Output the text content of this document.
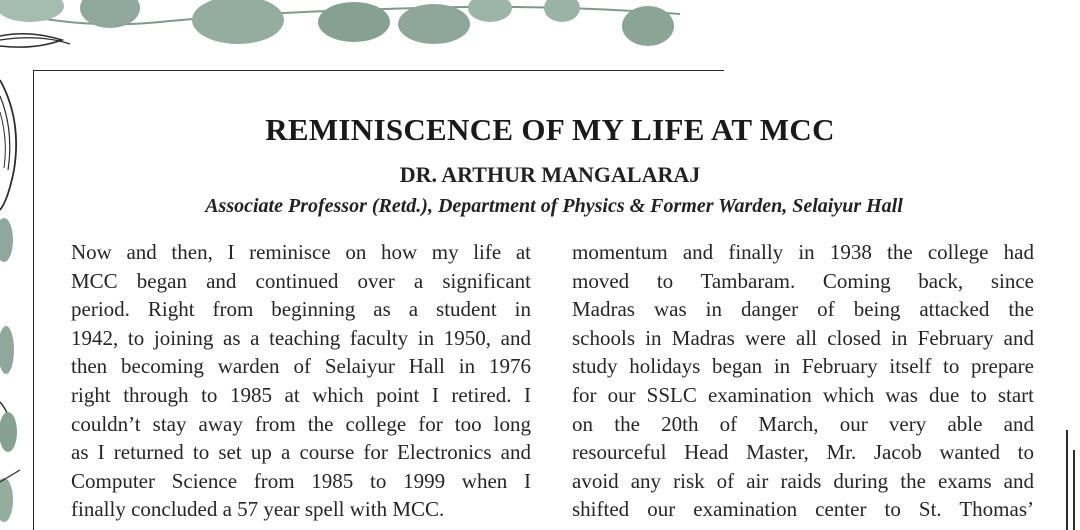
REMINISCENCE OF MY LIFE AT MCC
DR. ARTHUR MANGALARAJ
Associate Professor (Retd.), Department of Physics & Former Warden, Selaiyur Hall
Now and then, I reminisce on how my life at
MCC began and continued over a significant
period. Right from beginning as a student in
1942, to joining as a teaching faculty in 1950, and
then becoming warden of Selaiyur Hall in 1976
right through to 1985 at which point I retired. I
couldn’t stay away from the college for too long
as I returned to set up a course for Electronics and
Computer Science from 1985 to 1999 when I
finally concluded a 57 year spell with MCC.
momentum and finally in 1938 the college had
moved to Tambaram. Coming back, since
Madras was in danger of being attacked the
schools in Madras were all closed in February and
study holidays began in February itself to prepare
for our SSLC examination which was due to start
on the 20th of March, our very able and
resourceful Head Master, Mr. Jacob wanted to
avoid any risk of air raids during the exams and
shifted our examination center to St. Thomas’
